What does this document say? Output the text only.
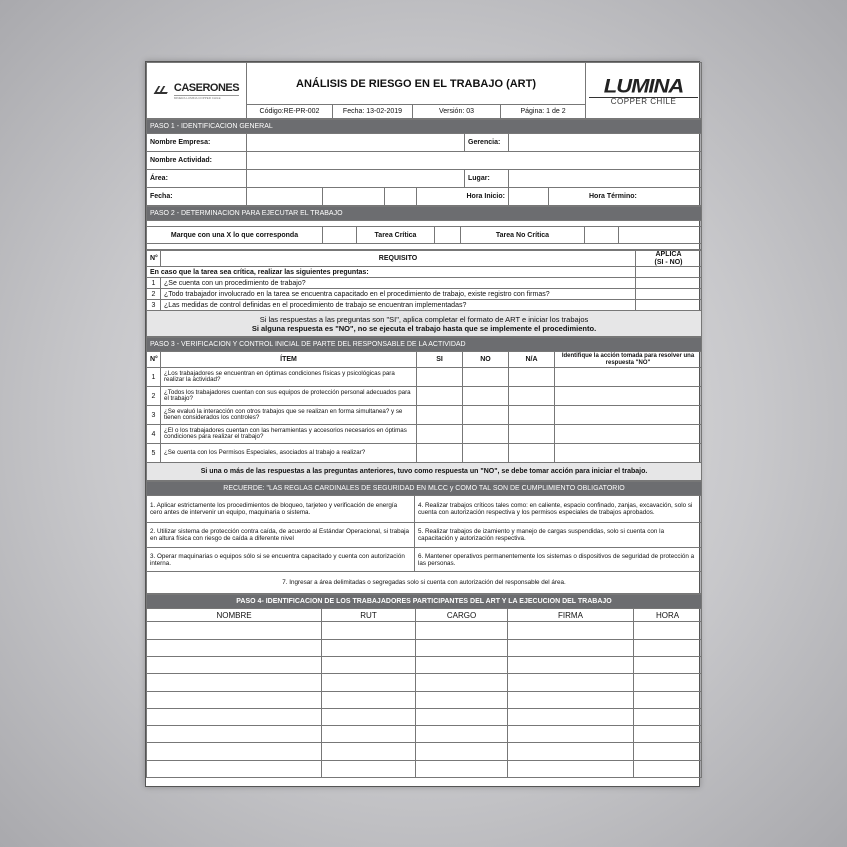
CASERONES
MINERA LUMINA COPPER CHILE	ANÁLISIS DE RIESGO EN EL TRABAJO (ART)				LUMINA
COPPER CHILE

	Código:RE-PR-002	Fecha: 13-02-2019	Versión: 03	Página: 1 de 2	
PASO 1 - IDENTIFICACION GENERAL							
Nombre Empresa:					Gerencia:		
Nombre Actividad:							
Área:					Lugar:		
Fecha:				Hora Inicio:			Hora Término:
PASO 2 - DETERMINACION PARA EJECUTAR EL TRABAJO

Marque con una X lo que corresponda		Tarea Crítica		Tarea No Crítica		

N°	REQUISITO	APLICA
(SI - NO)
En caso que la tarea sea crítica, realizar las siguientes preguntas:		
1	¿Se cuenta con un procedimiento de trabajo?	
2	¿Todo trabajador involucrado en la tarea se encuentra capacitado en el procedimiento de trabajo, existe registro con firmas?	
3	¿Las medidas de control definidas en el procedimiento de trabajo se encuentran implementadas?	

Si las respuestas a las preguntas son "SI", aplica completar el formato de ART e iniciar los trabajos
Si alguna respuesta es "NO", no se ejecuta el trabajo hasta que se implemente el procedimiento.		
PASO 3 - VERIFICACION Y CONTROL INICIAL DE PARTE DEL RESPONSABLE DE LA ACTIVIDAD					
N°	ÍTEM	SI	NO	N/A	Identifique la acción tomada para resolver una respuesta "NO"
1	¿Los trabajadores se encuentran en óptimas condiciones físicas y psicológicas para realizar la actividad?				
2	¿Todos los trabajadores cuentan con sus equipos de protección personal adecuados para el trabajo?				
3	¿Se evaluó la interacción con otros trabajos que se realizan en forma simultanea? y se tienen considerados los controles?				
4	¿El o los trabajadores cuentan con las herramientas y accesorios necesarios en óptimas condiciones para realizar el trabajo?				
5	¿Se cuenta con los Permisos Especiales, asociados al trabajo a realizar?				
Si una o más de las respuestas a las preguntas anteriores, tuvo como respuesta un "NO", se debe tomar acción para iniciar el trabajo.					
RECUERDE: "LAS REGLAS CARDINALES DE SEGURIDAD EN MLCC y COMO TAL SON DE CUMPLIMIENTO OBLIGATORIO	
1. Aplicar estrictamente los procedimientos de bloqueo, tarjeteo y verificación de energía cero antes de intervenir un equipo, maquinaria o sistema.	4. Realizar trabajos críticos tales como: en caliente, espacio confinado, zanjas, excavación, solo si cuenta con autorización respectiva y los permisos especiales de trabajos aprobados.
2. Utilizar sistema de protección contra caída, de acuerdo al Estándar Operacional, si trabaja en altura física con riesgo de caída a diferente nivel	5. Realizar trabajos de izamiento y manejo de cargas suspendidas, solo si cuenta con la capacitación y autorización respectiva.
3. Operar maquinarias o equipos sólo si se encuentra capacitado y cuenta con autorización interna.	6. Mantener operativos permanentemente los sistemas o dispositivos de seguridad de protección a las personas.
7. Ingresar a área delimitadas o segregadas solo si cuenta con autorización del responsable del área.	
PASO 4- IDENTIFICACION DE LOS TRABAJADORES PARTICIPANTES DEL ART Y LA EJECUCION DEL TRABAJO				
NOMBRE	RUT	CARGO	FIRMA	HORA
